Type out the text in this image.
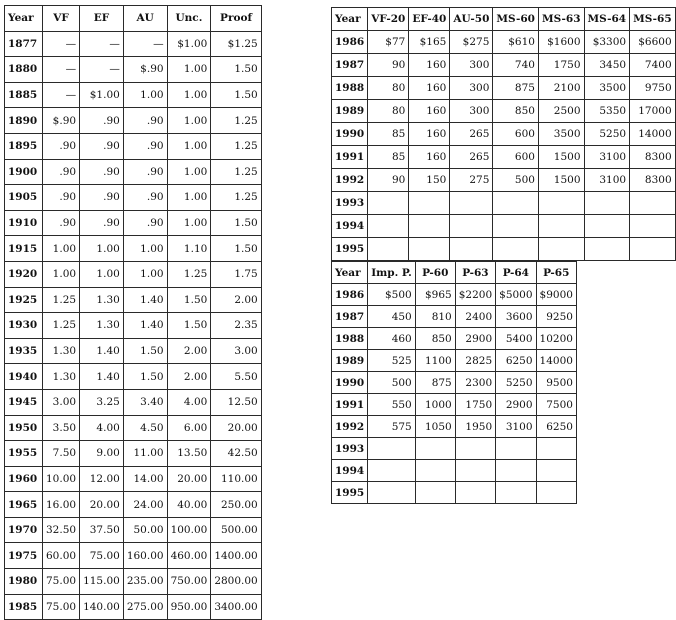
Year	VF	EF	AU	Unc.	Proof
1877	—	—	—	$1.00	$1.25
1880	—	—	$.90	1.00	1.50
1885	—	$1.00	1.00	1.00	1.50
1890	$.90	.90	.90	1.00	1.25
1895	.90	.90	.90	1.00	1.25
1900	.90	.90	.90	1.00	1.25
1905	.90	.90	.90	1.00	1.25
1910	.90	.90	.90	1.00	1.50
1915	1.00	1.00	1.00	1.10	1.50
1920	1.00	1.00	1.00	1.25	1.75
1925	1.25	1.30	1.40	1.50	2.00
1930	1.25	1.30	1.40	1.50	2.35
1935	1.30	1.40	1.50	2.00	3.00
1940	1.30	1.40	1.50	2.00	5.50
1945	3.00	3.25	3.40	4.00	12.50
1950	3.50	4.00	4.50	6.00	20.00
1955	7.50	9.00	11.00	13.50	42.50
1960	10.00	12.00	14.00	20.00	110.00
1965	16.00	20.00	24.00	40.00	250.00
1970	32.50	37.50	50.00	100.00	500.00
1975	60.00	75.00	160.00	460.00	1400.00
1980	75.00	115.00	235.00	750.00	2800.00
1985	75.00	140.00	275.00	950.00	3400.00
Year	VF-20	EF-40	AU-50	MS-60	MS-63	MS-64	MS-65
1986	$77	$165	$275	$610	$1600	$3300	$6600
1987	90	160	300	740	1750	3450	7400
1988	80	160	300	875	2100	3500	9750
1989	80	160	300	850	2500	5350	17000
1990	85	160	265	600	3500	5250	14000
1991	85	160	265	600	1500	3100	8300
1992	90	150	275	500	1500	3100	8300
1993							
1994							
1995							
Year	Imp. P.	P-60	P-63	P-64	P-65
1986	$500	$965	$2200	$5000	$9000
1987	450	810	2400	3600	9250
1988	460	850	2900	5400	10200
1989	525	1100	2825	6250	14000
1990	500	875	2300	5250	9500
1991	550	1000	1750	2900	7500
1992	575	1050	1950	3100	6250
1993					
1994					
1995					
